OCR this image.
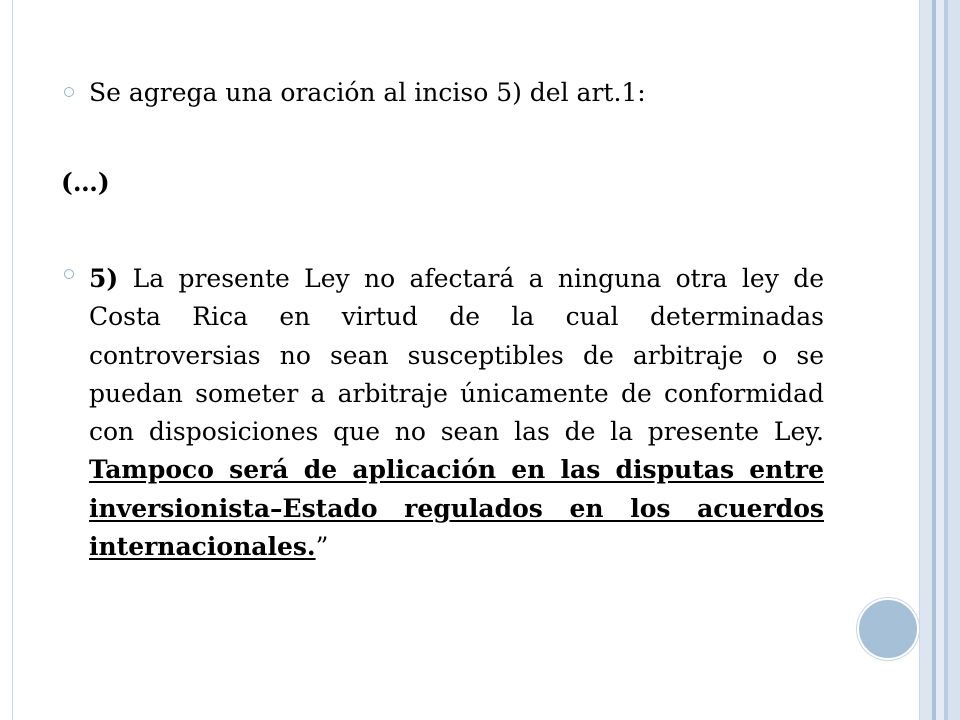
Se agrega una oración al inciso 5) del art.1:
(…)
5) La presente Ley no afectará a ninguna otra ley de Costa Rica en virtud de la cual determinadas controversias no sean susceptibles de arbitraje o se puedan someter a arbitraje únicamente de conformidad con disposiciones que no sean las de la presente Ley. Tampoco será de aplicación en las disputas entre inversionista–Estado regulados en los acuerdos internacionales.”
